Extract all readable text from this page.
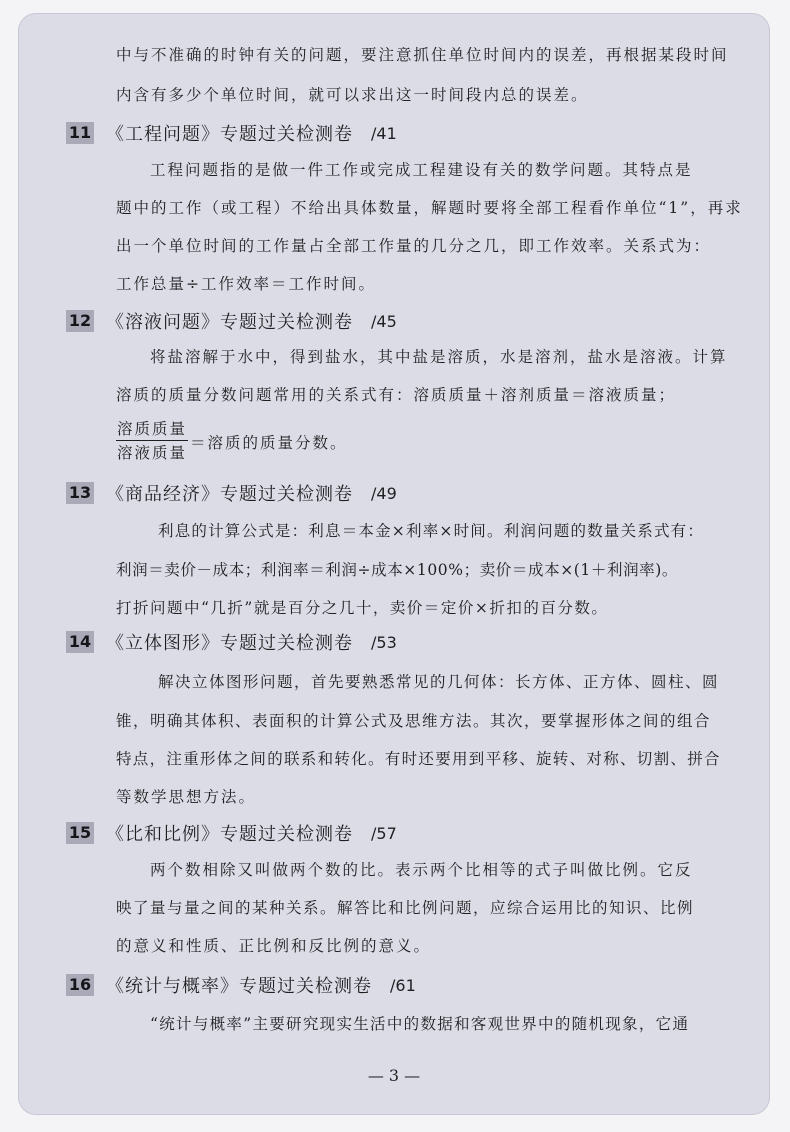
中与不准确的时钟有关的问题，要注意抓住单位时间内的误差，再根据某段时间
内含有多少个单位时间，就可以求出这一时间段内总的误差。
11 《工程问题》专题过关检测卷 /41
工程问题指的是做一件工作或完成工程建设有关的数学问题。其特点是
题中的工作（或工程）不给出具体数量，解题时要将全部工程看作单位“1”，再求
出一个单位时间的工作量占全部工作量的几分之几，即工作效率。关系式为：
工作总量÷工作效率＝工作时间。
12 《溶液问题》专题过关检测卷 /45
将盐溶解于水中，得到盐水，其中盐是溶质，水是溶剂，盐水是溶液。计算
溶质的质量分数问题常用的关系式有：溶质质量＋溶剂质量＝溶液质量；
溶质质量
溶液质量
＝溶质的质量分数。
13 《商品经济》专题过关检测卷 /49
利息的计算公式是：利息＝本金×利率×时间。利润问题的数量关系式有：
利润＝卖价－成本；利润率＝利润÷成本×100%；卖价＝成本×(1＋利润率)。
打折问题中“几折”就是百分之几十，卖价＝定价×折扣的百分数。
14 《立体图形》专题过关检测卷 /53
解决立体图形问题，首先要熟悉常见的几何体：长方体、正方体、圆柱、圆
锥，明确其体积、表面积的计算公式及思维方法。其次，要掌握形体之间的组合
特点，注重形体之间的联系和转化。有时还要用到平移、旋转、对称、切割、拼合
等数学思想方法。
15 《比和比例》专题过关检测卷 /57
两个数相除又叫做两个数的比。表示两个比相等的式子叫做比例。它反
映了量与量之间的某种关系。解答比和比例问题，应综合运用比的知识、比例
的意义和性质、正比例和反比例的意义。
16 《统计与概率》专题过关检测卷 /61
“统计与概率”主要研究现实生活中的数据和客观世界中的随机现象，它通
— 3 —
